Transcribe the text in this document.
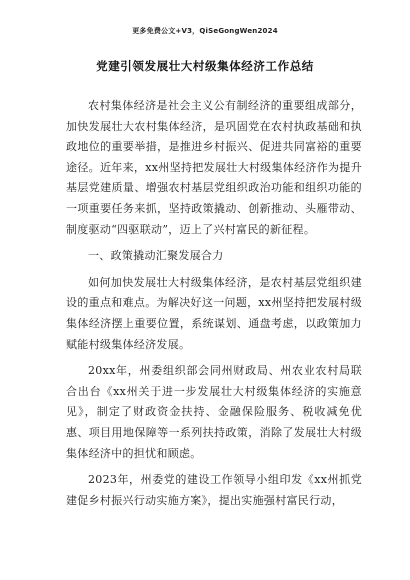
更多免费公文+V3，QiSeGongWen2024
党建引领发展壮大村级集体经济工作总结

农村集体经济是社会主义公有制经济的重要组成部分，加快发展壮大农村集体经济，是巩固党在农村执政基础和执政地位的重要举措，是推进乡村振兴、促进共同富裕的重要途径。近年来，xx州坚持把发展壮大村级集体经济作为提升基层党建质量、增强农村基层党组织政治功能和组织功能的一项重要任务来抓，坚持政策撬动、创新推动、头雁带动、制度驱动“四驱联动”，迈上了兴村富民的新征程。

一、政策撬动汇聚发展合力

如何加快发展壮大村级集体经济，是农村基层党组织建设的重点和难点。为解决好这一问题，xx州坚持把发展村级集体经济摆上重要位置，系统谋划、通盘考虑，以政策加力赋能村级集体经济发展。

20xx年，州委组织部会同州财政局、州农业农村局联合出台《xx州关于进一步发展壮大村级集体经济的实施意见》，制定了财政资金扶持、金融保险服务、税收减免优惠、项目用地保障等一系列扶持政策，消除了发展壮大村级集体经济中的担忧和顾虑。

2023年，州委党的建设工作领导小组印发《xx州抓党建促乡村振兴行动实施方案》，提出实施强村富民行动，
